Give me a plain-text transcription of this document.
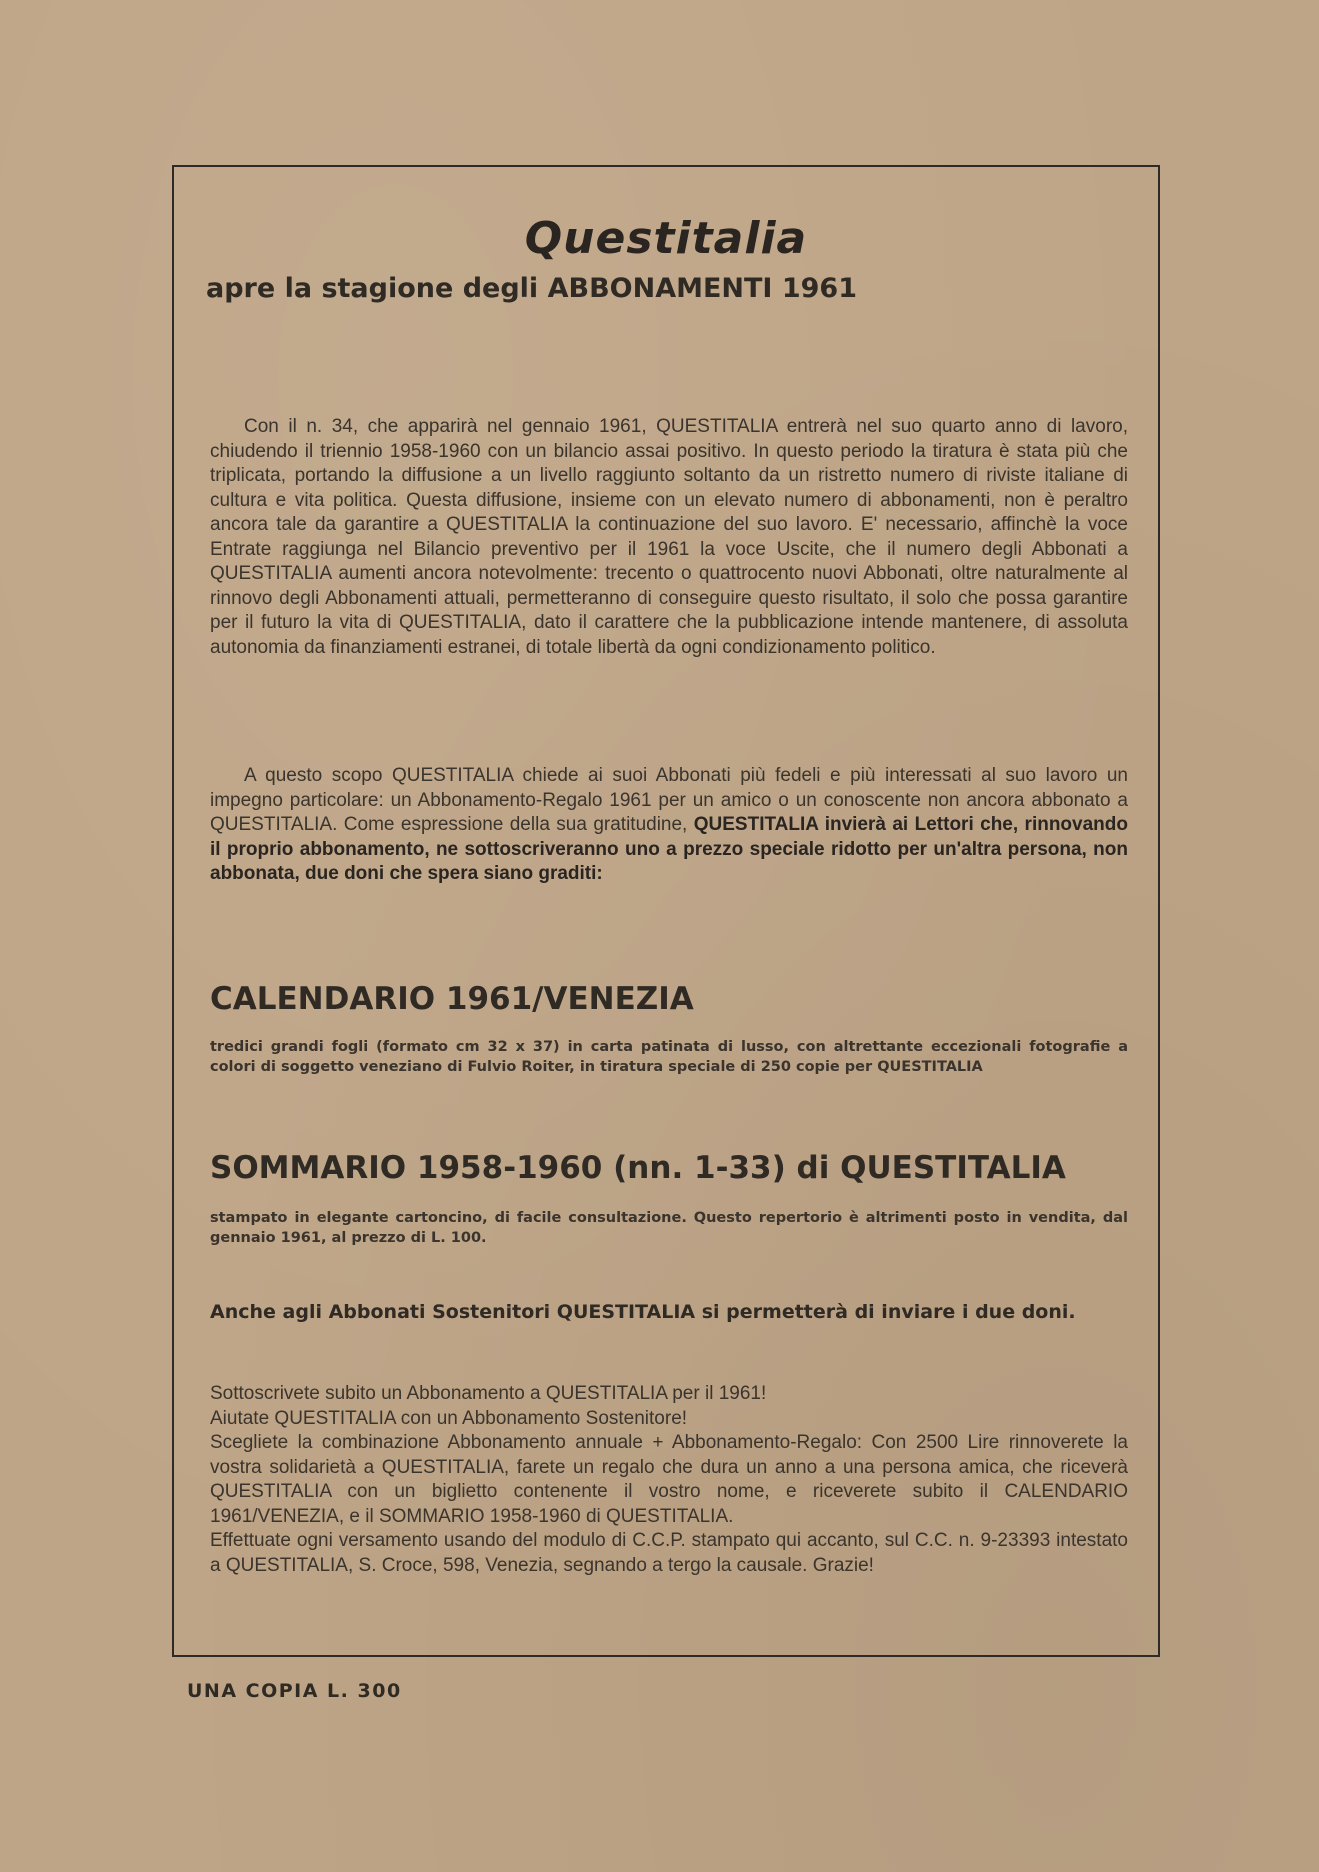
Questitalia
apre la stagione degli ABBONAMENTI 1961

Con il n. 34, che apparirà nel gennaio 1961, QUESTITALIA entrerà nel suo quarto anno di lavoro, chiudendo il triennio 1958-1960 con un bilancio assai positivo. In questo periodo la tiratura è stata più che triplicata, portando la diffusione a un livello raggiunto soltanto da un ristretto numero di riviste italiane di cultura e vita politica. Questa diffusione, insieme con un elevato numero di abbonamenti, non è peraltro ancora tale da garantire a QUESTITALIA la continuazione del suo lavoro. E' necessario, affinchè la voce Entrate raggiunga nel Bilancio preventivo per il 1961 la voce Uscite, che il numero degli Abbonati a QUESTITALIA aumenti ancora notevolmente: trecento o quattrocento nuovi Abbonati, oltre naturalmente al rinnovo degli Abbonamenti attuali, permetteranno di conseguire questo risultato, il solo che possa garantire per il futuro la vita di QUESTITALIA, dato il carattere che la pubblicazione intende mantenere, di assoluta autonomia da finanziamenti estranei, di totale libertà da ogni condizionamento politico.

A questo scopo QUESTITALIA chiede ai suoi Abbonati più fedeli e più interessati al suo lavoro un impegno particolare: un Abbonamento-Regalo 1961 per un amico o un conoscente non ancora abbonato a QUESTITALIA. Come espressione della sua gratitudine, QUESTITALIA invierà ai Lettori che, rinnovando il proprio abbonamento, ne sottoscriveranno uno a prezzo speciale ridotto per un'altra persona, non abbonata, due doni che spera siano graditi:

CALENDARIO 1961/VENEZIA

tredici grandi fogli (formato cm 32 x 37) in carta patinata di lusso, con altrettante eccezionali fotografie a colori di soggetto veneziano di Fulvio Roiter, in tiratura speciale di 250 copie per QUESTITALIA

SOMMARIO 1958-1960 (nn. 1-33) di QUESTITALIA

stampato in elegante cartoncino, di facile consultazione. Questo repertorio è altrimenti posto in vendita, dal gennaio 1961, al prezzo di L. 100.

Anche agli Abbonati Sostenitori QUESTITALIA si permetterà di inviare i due doni.

Sottoscrivete subito un Abbonamento a QUESTITALIA per il 1961!

Aiutate QUESTITALIA con un Abbonamento Sostenitore!

Scegliete la combinazione Abbonamento annuale + Abbonamento-Regalo: Con 2500 Lire rinnoverete la vostra solidarietà a QUESTITALIA, farete un regalo che dura un anno a una persona amica, che riceverà QUESTITALIA con un biglietto contenente il vostro nome, e riceverete subito il CALENDARIO 1961/VENEZIA, e il SOMMARIO 1958-1960 di QUESTITALIA.

Effettuate ogni versamento usando del modulo di C.C.P. stampato qui accanto, sul C.C. n. 9-23393 intestato a QUESTITALIA, S. Croce, 598, Venezia, segnando a tergo la causale. Grazie!

UNA COPIA L. 300
